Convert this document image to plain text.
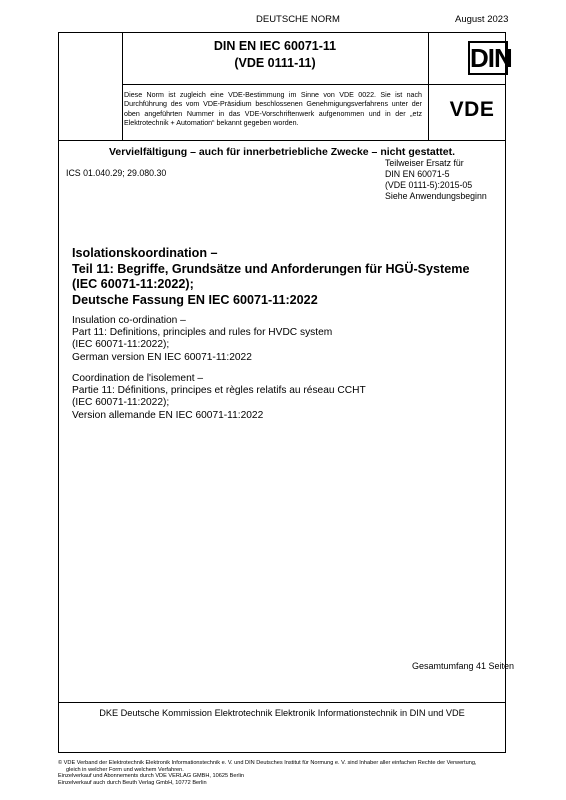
DEUTSCHE NORM	August 2023
DIN EN IEC 60071-11
(VDE 0111-11)	DIN
Diese Norm ist zugleich eine VDE-Bestimmung im Sinne von VDE 0022. Sie ist nach Durchführung des vom VDE-Präsidium beschlossenen Genehmigungsverfahrens unter der oben angeführten Nummer in das VDE-Vorschriftenwerk aufgenommen und in der „etz Elektrotechnik + Automation“ bekannt gegeben worden.
VDE
Vervielfältigung – auch für innerbetriebliche Zwecke – nicht gestattet.
ICS 01.040.29; 29.080.30
Teilweiser Ersatz für
DIN EN 60071-5
(VDE 0111-5):2015-05
Siehe Anwendungsbeginn
Isolationskoordination –
Teil 11: Begriffe, Grundsätze und Anforderungen für HGÜ-Systeme
(IEC 60071-11:2022);
Deutsche Fassung EN IEC 60071-11:2022
Insulation co-ordination –
Part 11: Definitions, principles and rules for HVDC system
(IEC 60071-11:2022);
German version EN IEC 60071-11:2022
Coordination de l'isolement –
Partie 11: Définitions, principes et règles relatifs au réseau CCHT
(IEC 60071-11:2022);
Version allemande EN IEC 60071-11:2022
Gesamtumfang 41 Seiten
DKE Deutsche Kommission Elektrotechnik Elektronik Informationstechnik in DIN und VDE
© VDE Verband der Elektrotechnik Elektronik Informationstechnik e. V. und DIN Deutsches Institut für Normung e. V. sind Inhaber aller einfachen Rechte der Verwertung,
gleich in welcher Form und welchem Verfahren.
Einzelverkauf und Abonnements durch VDE VERLAG GMBH, 10625 Berlin
Einzelverkauf auch durch Beuth Verlag GmbH, 10772 Berlin
